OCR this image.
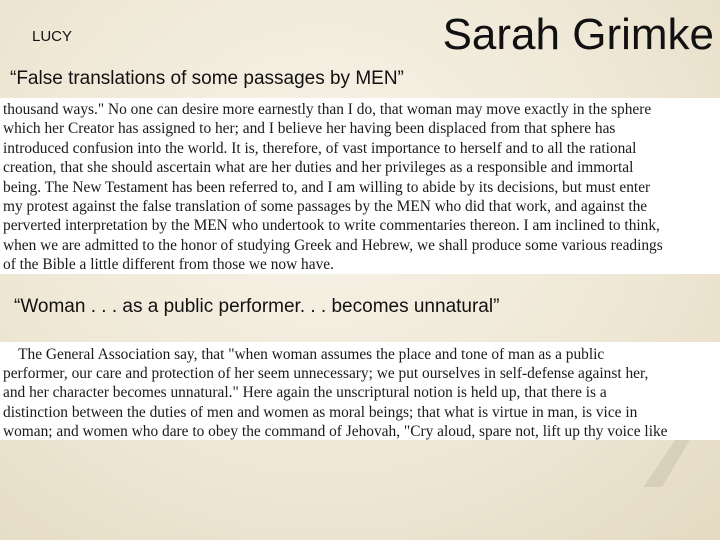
LUCY	Sarah Grimke
“False translations of some passages by MEN”
thousand ways." No one can desire more earnestly than I do, that woman may move exactly in the sphere
which her Creator has assigned to her; and I believe her having been displaced from that sphere has
introduced confusion into the world. It is, therefore, of vast importance to herself and to all the rational
creation, that she should ascertain what are her duties and her privileges as a responsible and immortal
being. The New Testament has been referred to, and I am willing to abide by its decisions, but must enter
my protest against the false translation of some passages by the MEN who did that work, and against the
perverted interpretation by the MEN who undertook to write commentaries thereon. I am inclined to think,
when we are admitted to the honor of studying Greek and Hebrew, we shall produce some various readings
of the Bible a little different from those we now have.
“Woman . . . as a public performer. . . becomes unnatural”
The General Association say, that "when woman assumes the place and tone of man as a public
performer, our care and protection of her seem unnecessary; we put ourselves in self-defense against her,
and her character becomes unnatural." Here again the unscriptural notion is held up, that there is a
distinction between the duties of men and women as moral beings; that what is virtue in man, is vice in
woman; and women who dare to obey the command of Jehovah, "Cry aloud, spare not, lift up thy voice like
